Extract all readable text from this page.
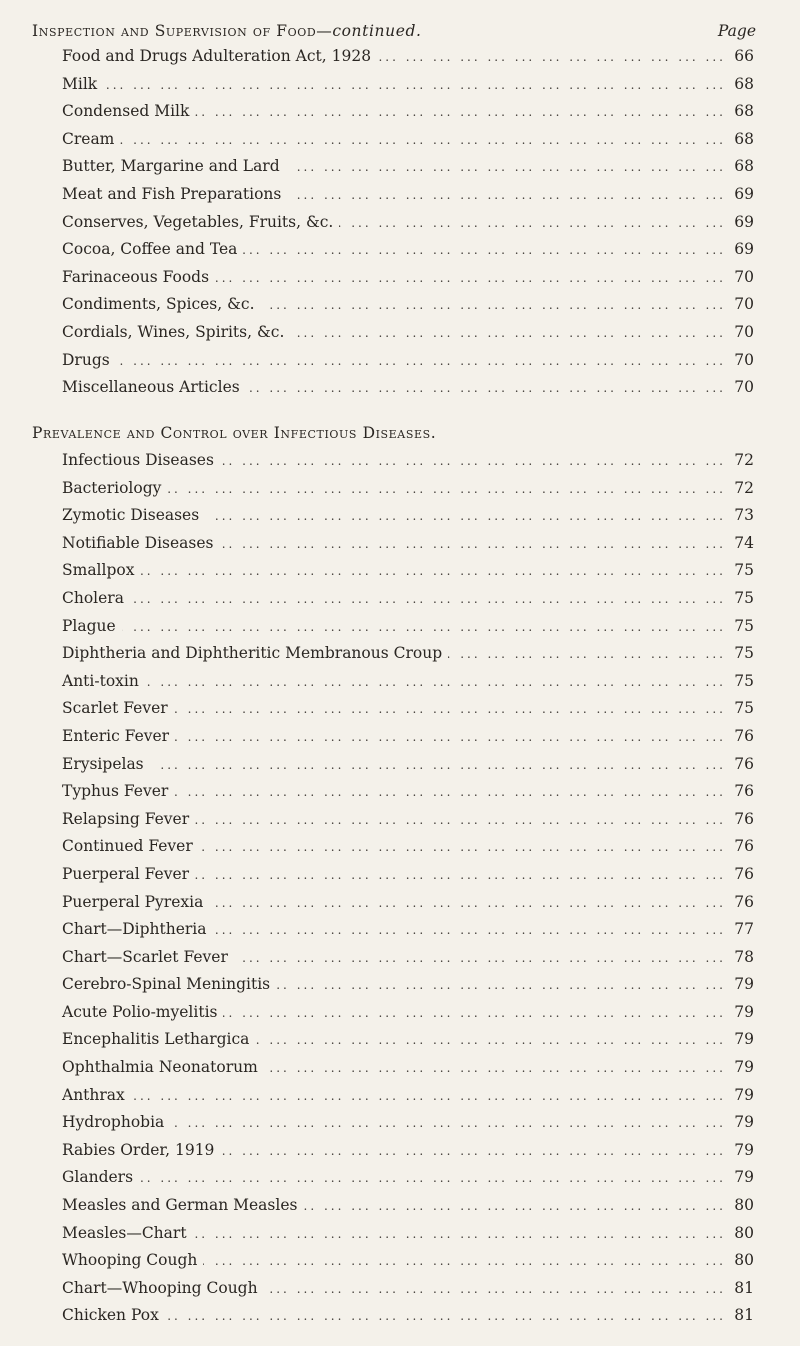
Inspection and Supervision of Food—continued.	Page
Food and Drugs Adulteration Act, 1928 ... .	66
Milk ... .	68
Condensed Milk ... .	68
Cream ... .	68
Butter, Margarine and Lard ... .	68
Meat and Fish Preparations ... .	69
Conserves, Vegetables, Fruits, &c. ... .	69
Cocoa, Coffee and Tea ... .	69
Farinaceous Foods ... .	70
Condiments, Spices, &c. ... .	70
Cordials, Wines, Spirits, &c. ... .	70
Drugs ... .	70
Miscellaneous Articles ... .	70
Prevalence and Control over Infectious Diseases.
Infectious Diseases ... .	72
Bacteriology ... .	72
Zymotic Diseases ... .	73
Notifiable Diseases ... .	74
Smallpox ... .	75
Cholera ... .	75
Plague ... .	75
Diphtheria and Diphtheritic Membranous Croup ... .	75
Anti-toxin ... .	75
Scarlet Fever ... .	75
Enteric Fever ... .	76
Erysipelas ... .	76
Typhus Fever ... .	76
Relapsing Fever ... .	76
Continued Fever ... .	76
Puerperal Fever ... .	76
Puerperal Pyrexia ... .	76
Chart—Diphtheria ... .	77
Chart—Scarlet Fever ... .	78
Cerebro-Spinal Meningitis ... .	79
Acute Polio-myelitis ... .	79
Encephalitis Lethargica ... .	79
Ophthalmia Neonatorum ... .	79
Anthrax ... .	79
Hydrophobia ... .	79
Rabies Order, 1919 ... .	79
Glanders ... .	79
Measles and German Measles ... .	80
Measles—Chart ... .	80
Whooping Cough ... .	80
Chart—Whooping Cough ... .	81
Chicken Pox ... .	81
